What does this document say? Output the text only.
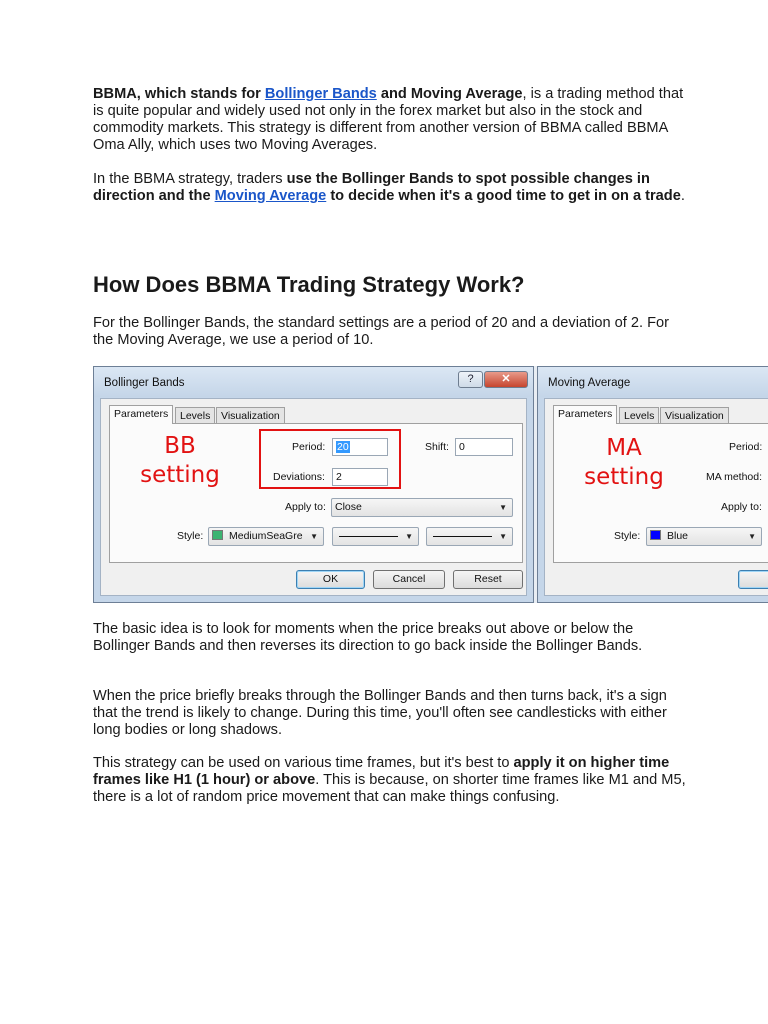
BBMA, which stands for Bollinger Bands and Moving Average, is a trading method that is quite popular and widely used not only in the forex market but also in the stock and commodity markets. This strategy is different from another version of BBMA called BBMA Oma Ally, which uses two Moving Averages.

In the BBMA strategy, traders use the Bollinger Bands to spot possible changes in direction and the Moving Average to decide when it's a good time to get in on a trade.

How Does BBMA Trading Strategy Work?

For the Bollinger Bands, the standard settings are a period of 20 and a deviation of 2. For the Moving Average, we use a period of 10.

The basic idea is to look for moments when the price breaks out above or below the Bollinger Bands and then reverses its direction to go back inside the Bollinger Bands.

When the price briefly breaks through the Bollinger Bands and then turns back, it's a sign that the trend is likely to change. During this time, you'll often see candlesticks with either long bodies or long shadows.

This strategy can be used on various time frames, but it's best to apply it on higher time frames like H1 (1 hour) or above. This is because, on shorter time frames like M1 and M5, there is a lot of random price movement that can make things confusing.

Bollinger Bands	?	✕
Parameters	Levels	Visualization
BB
setting
Period:	20
Deviations:	2
Shift: 0
Apply to: Close	▼
Style:	MediumSeaGre ▼	▼	▼
OK	Cancel	Reset
Moving Average
Parameters	Levels	Visualization
MA
setting
Period:
MA method:
Apply to:
Style:	Blue	▼
